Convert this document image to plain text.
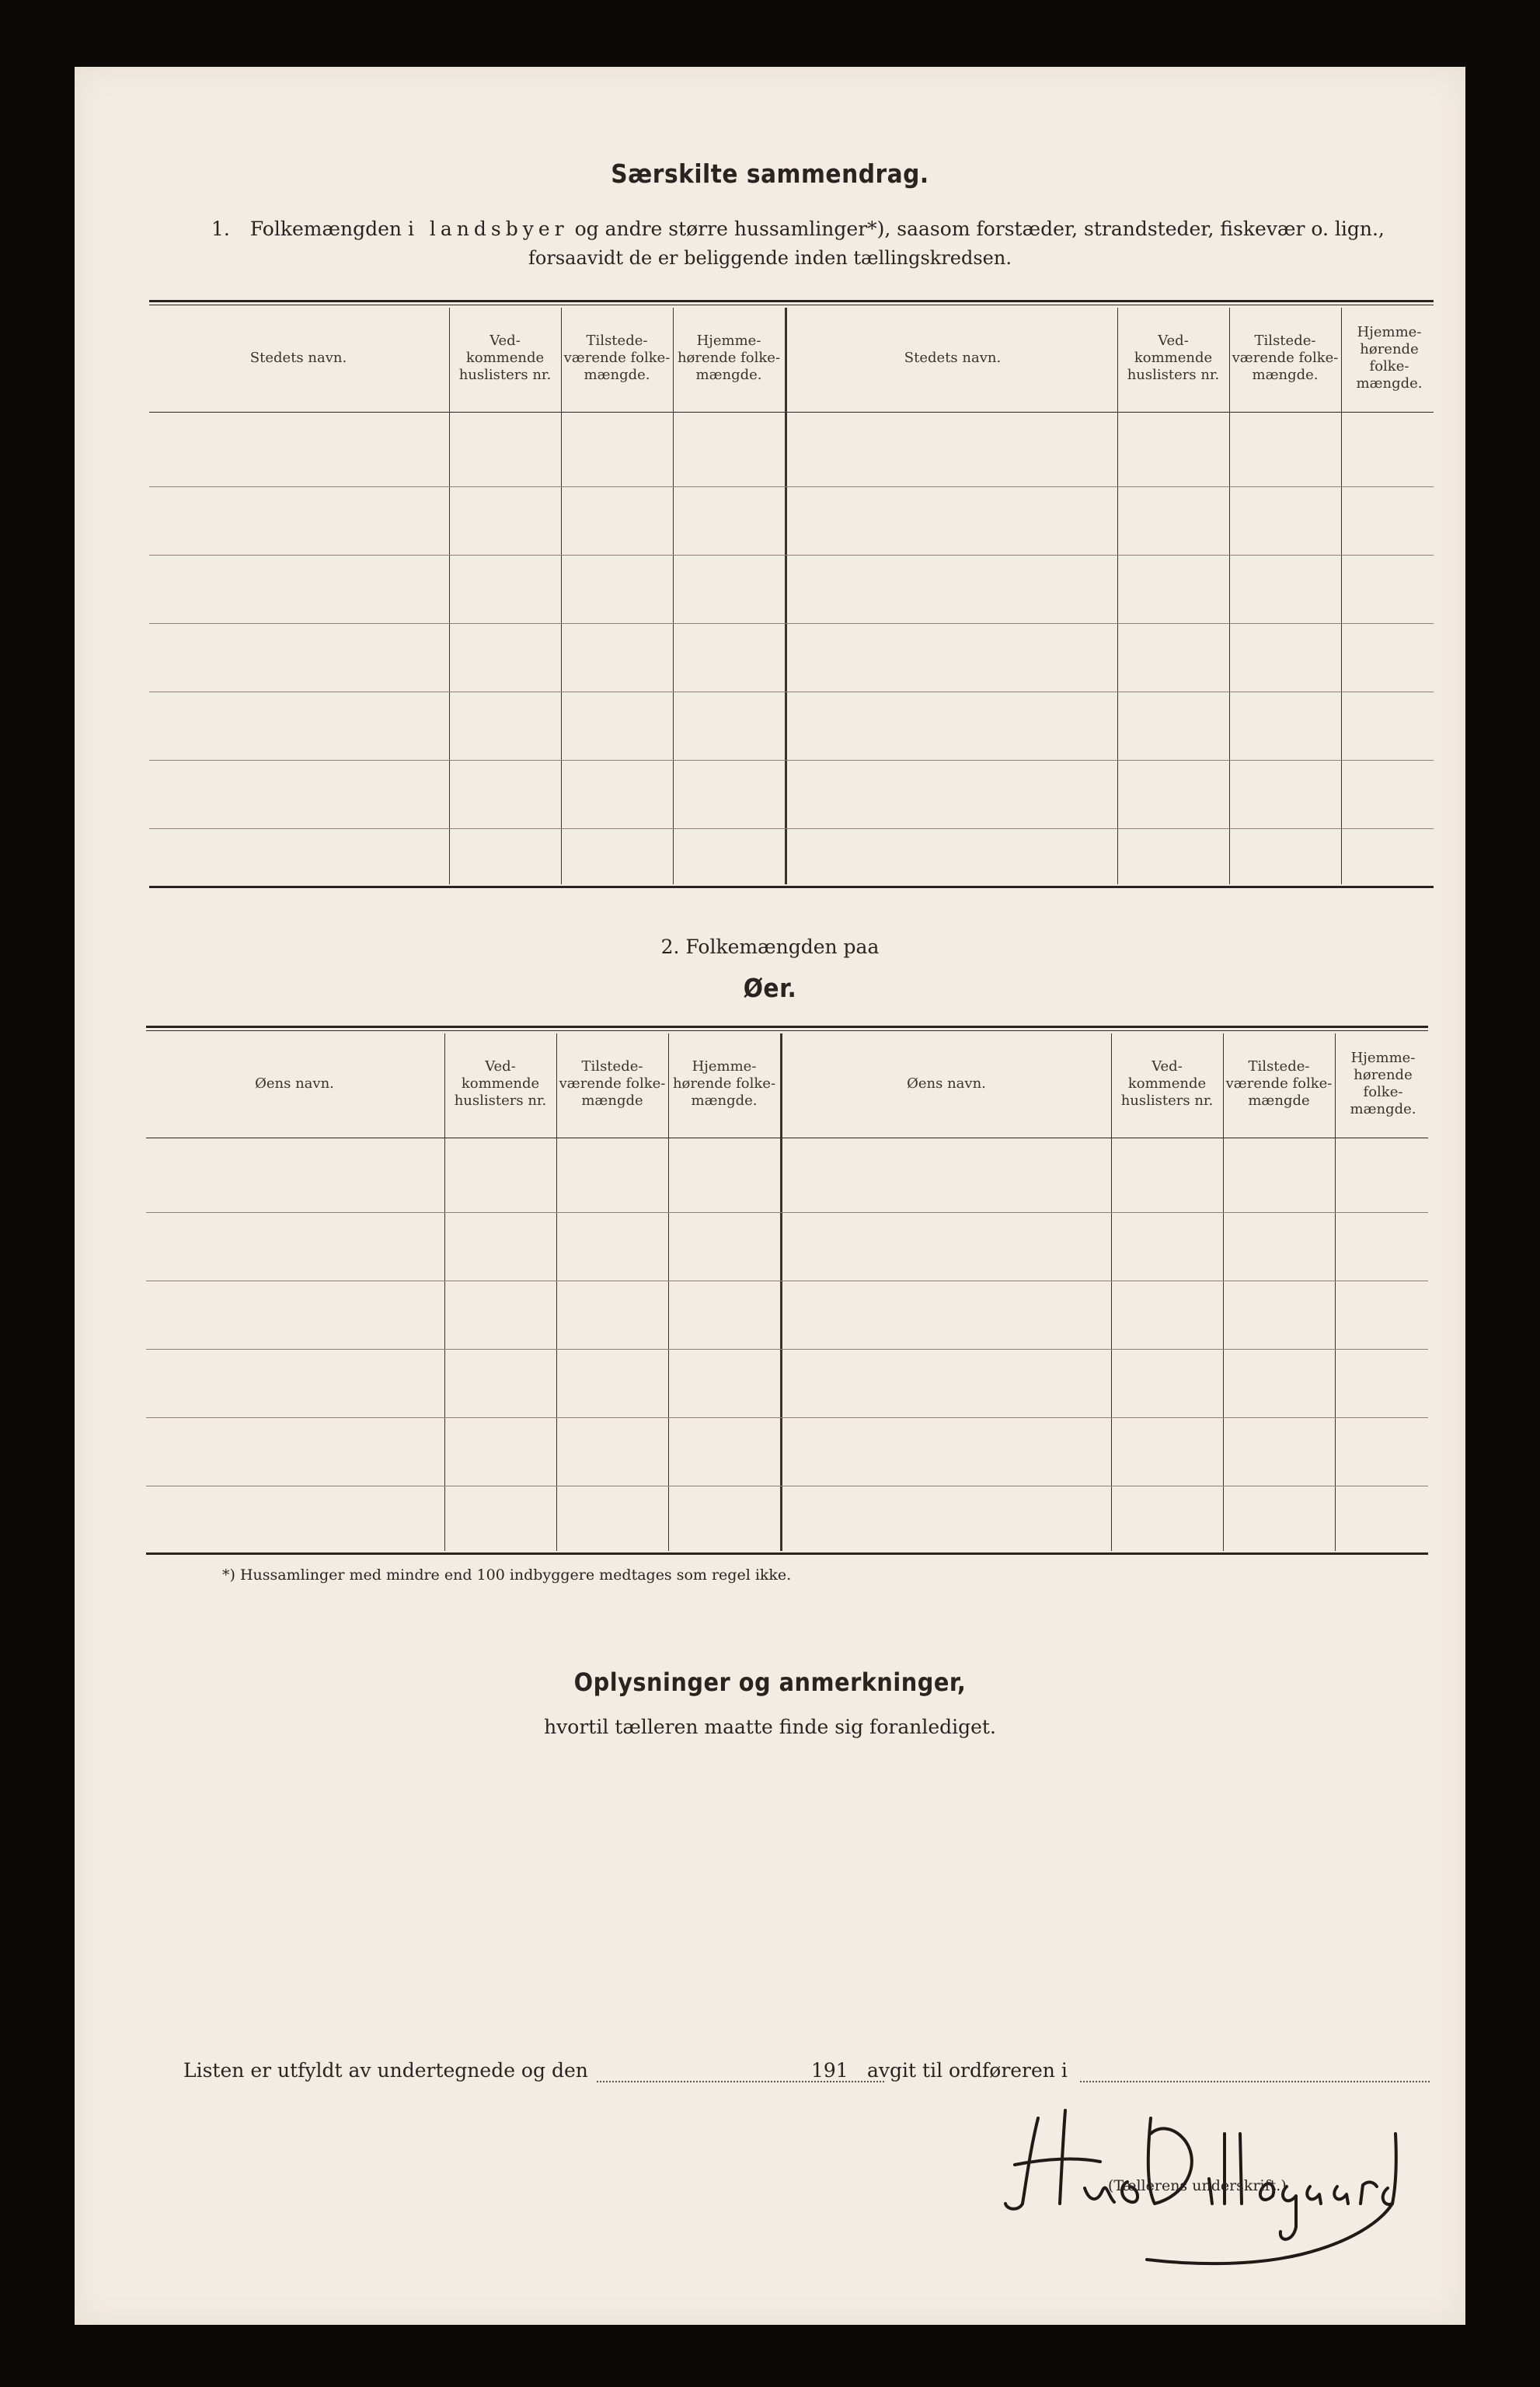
Særskilte sammendrag.
1. Folkemængden i landsbyer og andre større hussamlinger*), saasom forstæder, strandsteder, fiskevær o. lign.,
forsaavidt de er beliggende inden tællingskredsen.
Stedets navn.
Ved- kommende huslisters nr.
Tilstede- værende folke- mængde.
Hjemme- hørende folke- mængde.
Stedets navn.
Ved- kommende huslisters nr.
Tilstede- værende folke- mængde.
Hjemme- hørende folke- mængde.
2. Folkemængden paa
Øer.
Øens navn.
Ved- kommende huslisters nr.
Tilstede- værende folke- mængde
Hjemme- hørende folke- mængde.
Øens navn.
Ved- kommende huslisters nr.
Tilstede- værende folke- mængde
Hjemme- hørende folke- mængde.
*) Hussamlinger med mindre end 100 indbyggere medtages som regel ikke.
Oplysninger og anmerkninger,
hvortil tælleren maatte finde sig foranlediget.
Listen er utfyldt av undertegnede og den	191 avgit til ordføreren i
(Tællerens underskrift.)
